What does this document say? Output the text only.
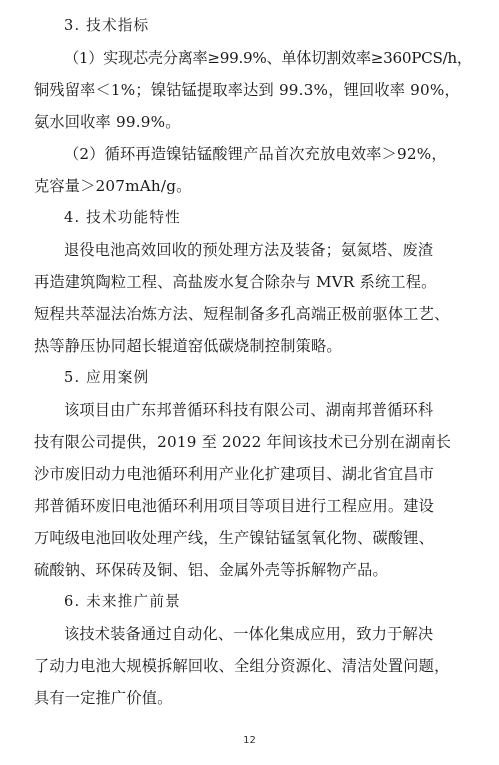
3. 技术指标
（1）实现芯壳分离率≥99.9%、单体切割效率≥360PCS/h，
铜残留率＜1%；镍钴锰提取率达到 99.3%，锂回收率 90%，
氨水回收率 99.9%。
（2）循环再造镍钴锰酸锂产品首次充放电效率＞92%，
克容量＞207mAh/g。
4. 技术功能特性
退役电池高效回收的预处理方法及装备；氨氮塔、废渣
再造建筑陶粒工程、高盐废水复合除杂与 MVR 系统工程。
短程共萃湿法冶炼方法、短程制备多孔高端正极前驱体工艺、
热等静压协同超长辊道窑低碳烧制控制策略。
5. 应用案例
该项目由广东邦普循环科技有限公司、湖南邦普循环科
技有限公司提供，2019 至 2022 年间该技术已分别在湖南长
沙市废旧动力电池循环利用产业化扩建项目、湖北省宜昌市
邦普循环废旧电池循环利用项目等项目进行工程应用。建设
万吨级电池回收处理产线，生产镍钴锰氢氧化物、碳酸锂、
硫酸钠、环保砖及铜、铝、金属外壳等拆解物产品。
6. 未来推广前景
该技术装备通过自动化、一体化集成应用，致力于解决
了动力电池大规模拆解回收、全组分资源化、清洁处置问题，
具有一定推广价值。
12
